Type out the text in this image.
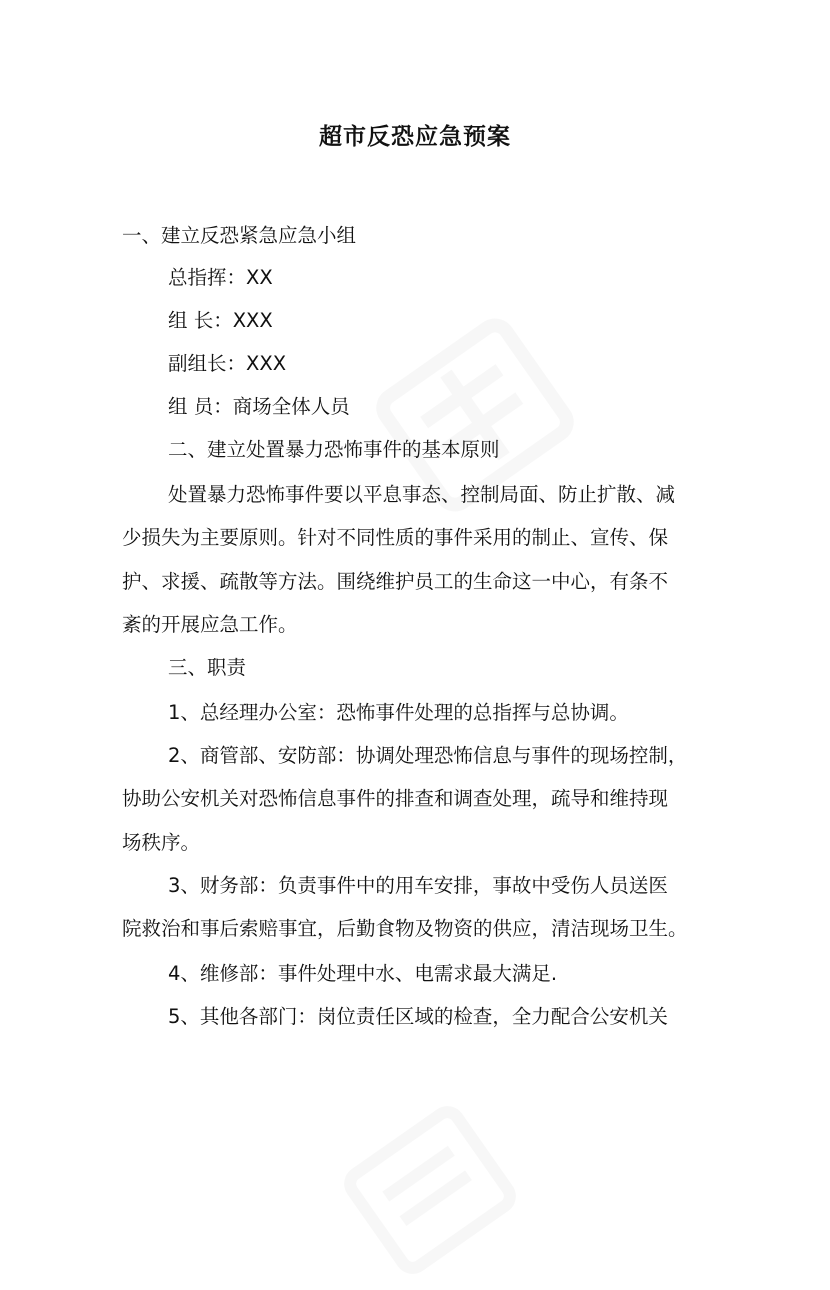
超市反恐应急预案
一、建立反恐紧急应急小组
总指挥：XX
组 长：XXX
副组长：XXX
组 员：商场全体人员
二、建立处置暴力恐怖事件的基本原则
处置暴力恐怖事件要以平息事态、控制局面、防止扩散、减
少损失为主要原则。针对不同性质的事件采用的制止、宣传、保
护、求援、疏散等方法。围绕维护员工的生命这一中心，有条不
紊的开展应急工作。
三、职责
1、总经理办公室：恐怖事件处理的总指挥与总协调。
2、商管部、安防部：协调处理恐怖信息与事件的现场控制，
协助公安机关对恐怖信息事件的排查和调查处理，疏导和维持现
场秩序。
3、财务部：负责事件中的用车安排，事故中受伤人员送医
院救治和事后索赔事宜，后勤食物及物资的供应，清洁现场卫生。
4、维修部：事件处理中水、电需求最大满足.
5、其他各部门：岗位责任区域的检查，全力配合公安机关
